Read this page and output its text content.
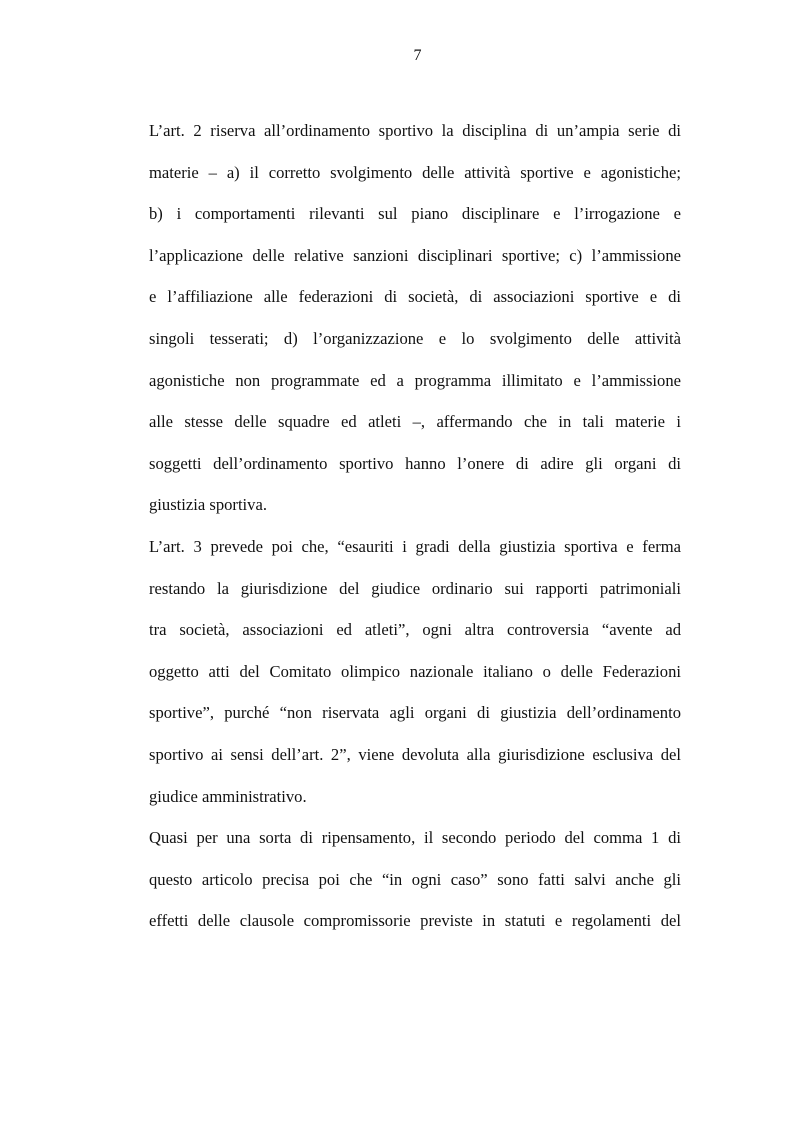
7
L’art. 2 riserva all’ordinamento sportivo la disciplina di un’ampia serie di
materie – a) il corretto svolgimento delle attività sportive e agonistiche;
b) i comportamenti rilevanti sul piano disciplinare e l’irrogazione e
l’applicazione delle relative sanzioni disciplinari sportive; c) l’ammissione
e l’affiliazione alle federazioni di società, di associazioni sportive e di
singoli tesserati; d) l’organizzazione e lo svolgimento delle attività
agonistiche non programmate ed a programma illimitato e l’ammissione
alle stesse delle squadre ed atleti –, affermando che in tali materie i
soggetti dell’ordinamento sportivo hanno l’onere di adire gli organi di
giustizia sportiva.
L’art. 3 prevede poi che, “esauriti i gradi della giustizia sportiva e ferma
restando la giurisdizione del giudice ordinario sui rapporti patrimoniali
tra società, associazioni ed atleti”, ogni altra controversia “avente ad
oggetto atti del Comitato olimpico nazionale italiano o delle Federazioni
sportive”, purché “non riservata agli organi di giustizia dell’ordinamento
sportivo ai sensi dell’art. 2”, viene devoluta alla giurisdizione esclusiva del
giudice amministrativo.
Quasi per una sorta di ripensamento, il secondo periodo del comma 1 di
questo articolo precisa poi che “in ogni caso” sono fatti salvi anche gli
effetti delle clausole compromissorie previste in statuti e regolamenti del
